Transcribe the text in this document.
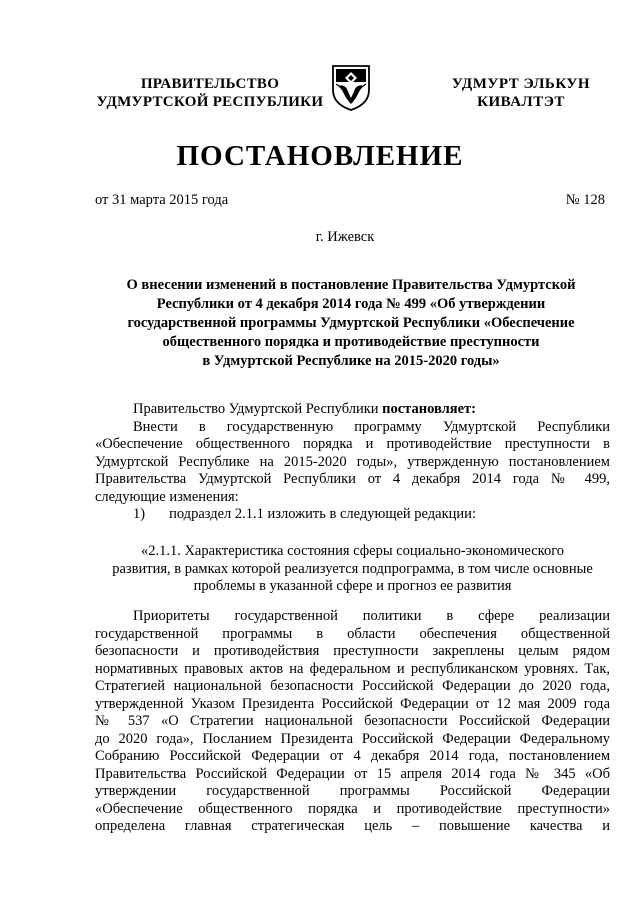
ПРАВИТЕЛЬСТВО
УДМУРТСКОЙ РЕСПУБЛИКИ
УДМУРТ ЭЛЬКУН
КИВАЛТЭТ
ПОСТАНОВЛЕНИЕ
от 31 марта 2015 года	№ 128
г. Ижевск
О внесении изменений в постановление Правительства Удмуртской
Республики от 4 декабря 2014 года № 499 «Об утверждении
государственной программы Удмуртской Республики «Обеспечение
общественного порядка и противодействие преступности
в Удмуртской Республике на 2015-2020 годы»
Правительство Удмуртской Республики постановляет:
Внести в государственную программу Удмуртской Республики
«Обеспечение общественного порядка и противодействие преступности в
Удмуртской Республике на 2015-2020 годы», утвержденную постановлением
Правительства Удмуртской Республики от 4 декабря 2014 года № 499,
следующие изменения:
1) подраздел 2.1.1 изложить в следующей редакции:
«2.1.1. Характеристика состояния сферы социально-экономического
развития, в рамках которой реализуется подпрограмма, в том числе основные
проблемы в указанной сфере и прогноз ее развития
Приоритеты государственной политики в сфере реализации
государственной программы в области обеспечения общественной
безопасности и противодействия преступности закреплены целым рядом
нормативных правовых актов на федеральном и республиканском уровнях. Так,
Стратегией национальной безопасности Российской Федерации до 2020 года,
утвержденной Указом Президента Российской Федерации от 12 мая 2009 года
№ 537 «О Стратегии национальной безопасности Российской Федерации
до 2020 года», Посланием Президента Российской Федерации Федеральному
Собранию Российской Федерации от 4 декабря 2014 года, постановлением
Правительства Российской Федерации от 15 апреля 2014 года № 345 «Об
утверждении государственной программы Российской Федерации
«Обеспечение общественного порядка и противодействие преступности»
определена главная стратегическая цель – повышение качества и
